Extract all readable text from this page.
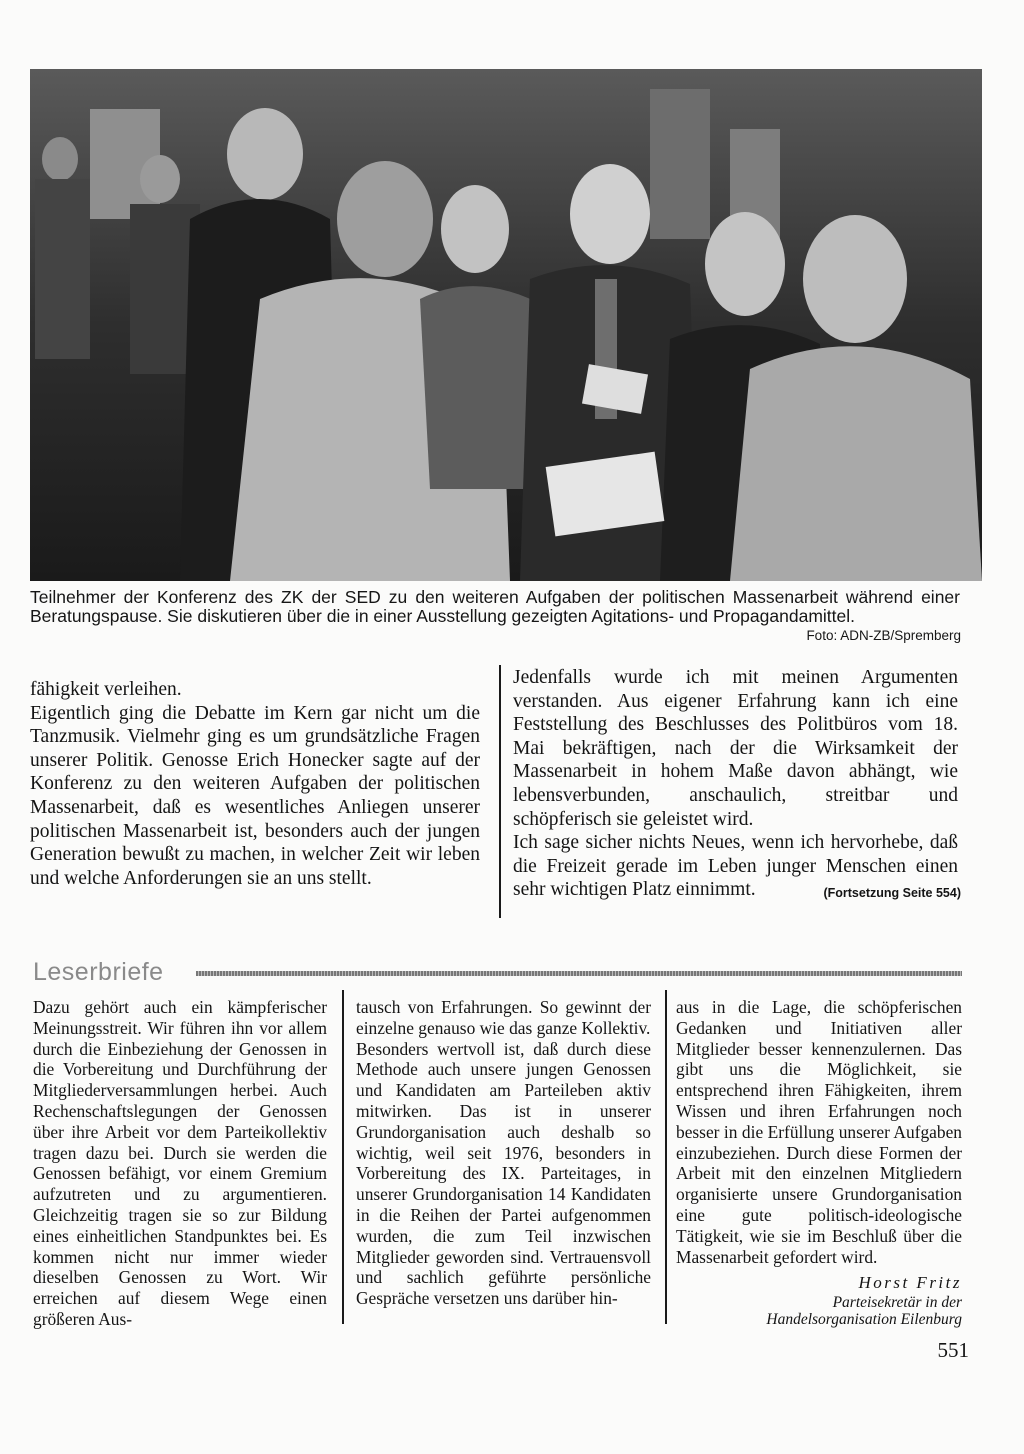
Teilnehmer der Konferenz des ZK der SED zu den weiteren Aufgaben der politischen Massenarbeit während einer Beratungspause. Sie diskutieren über die in einer Ausstellung gezeigten Agitations- und Propagandamittel.
Foto: ADN-ZB/Spremberg

fähigkeit verleihen.

Eigentlich ging die Debatte im Kern gar nicht um die Tanzmusik. Vielmehr ging es um grundsätzliche Fragen unserer Politik. Genosse Erich Honecker sagte auf der Konferenz zu den weiteren Aufgaben der politischen Massenarbeit, daß es wesentliches Anliegen unserer politischen Massenarbeit ist, besonders auch der jungen Generation bewußt zu machen, in welcher Zeit wir leben und welche Anforderungen sie an uns stellt.

Jedenfalls wurde ich mit meinen Argumenten verstanden. Aus eigener Erfahrung kann ich eine Feststellung des Beschlusses des Politbüros vom 18. Mai bekräftigen, nach der die Wirksamkeit der Massenarbeit in hohem Maße davon abhängt, wie lebensverbunden, anschaulich, streitbar und schöpferisch sie geleistet wird.

Ich sage sicher nichts Neues, wenn ich hervorhebe, daß die Freizeit gerade im Leben junger Menschen einen sehr wichtigen Platz einnimmt.	(Fortsetzung Seite 554)
Leserbriefe

Dazu gehört auch ein kämpferischer Meinungsstreit. Wir führen ihn vor allem durch die Einbeziehung der Genossen in die Vorbereitung und Durchführung der Mitgliederversammlungen herbei. Auch Rechenschaftslegungen der Genossen über ihre Arbeit vor dem Parteikollektiv tragen dazu bei. Durch sie werden die Genossen befähigt, vor einem Gremium aufzutreten und zu argumentieren. Gleichzeitig tragen sie so zur Bildung eines einheitlichen Standpunktes bei. Es kommen nicht nur immer wieder dieselben Genossen zu Wort. Wir erreichen auf diesem Wege einen größeren Aus-

tausch von Erfahrungen. So gewinnt der einzelne genauso wie das ganze Kollektiv.

Besonders wertvoll ist, daß durch diese Methode auch unsere jungen Genossen und Kandidaten am Parteileben aktiv mitwirken. Das ist in unserer Grundorganisation auch deshalb so wichtig, weil seit 1976, besonders in Vorbereitung des IX. Parteitages, in unserer Grundorganisation 14 Kandidaten in die Reihen der Partei aufgenommen wurden, die zum Teil inzwischen Mitglieder geworden sind. Vertrauensvoll und sachlich geführte persönliche Gespräche versetzen uns darüber hin-

aus in die Lage, die schöpferischen Gedanken und Initiativen aller Mitglieder besser kennenzulernen. Das gibt uns die Möglichkeit, sie entsprechend ihren Fähigkeiten, ihrem Wissen und ihren Erfahrungen noch besser in die Erfüllung unserer Aufgaben einzubeziehen. Durch diese Formen der Arbeit mit den einzelnen Mitgliedern organisierte unsere Grundorganisation eine gute politisch-ideologische Tätigkeit, wie sie im Beschluß über die Massenarbeit gefordert wird.

Horst Fritz
Parteisekretär in der
Handelsorganisation Eilenburg
551
